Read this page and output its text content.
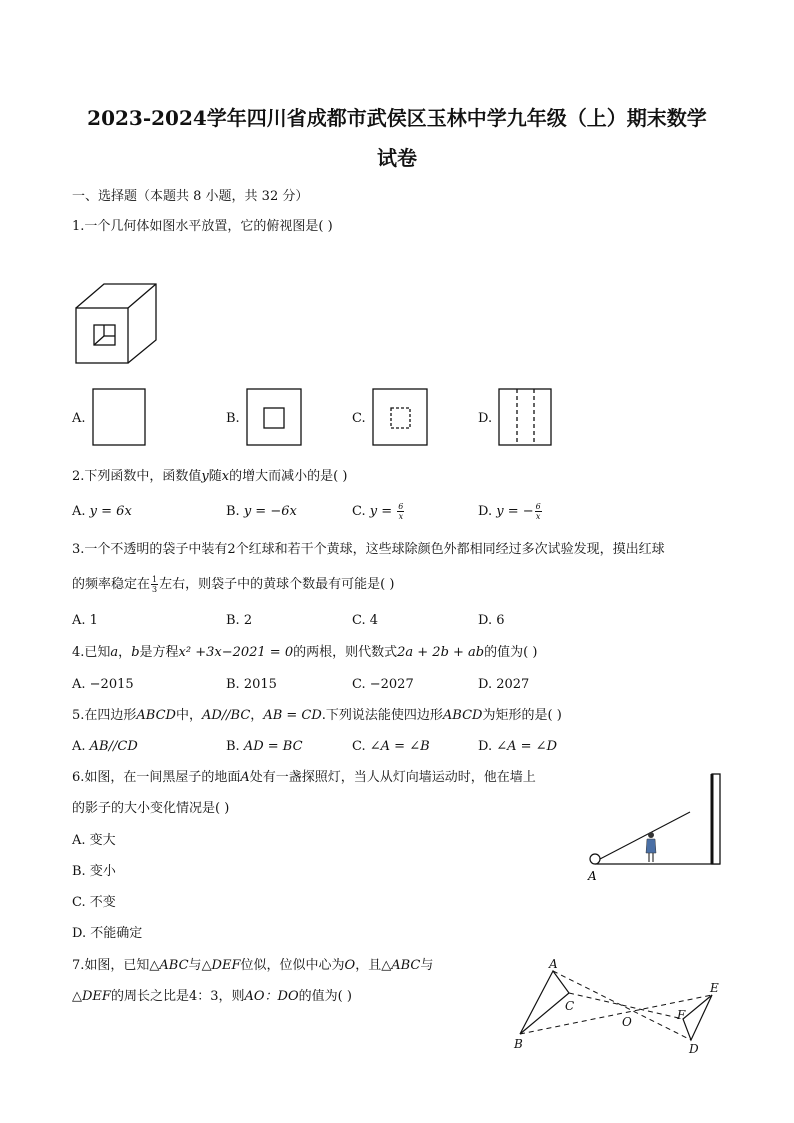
2023-2024学年四川省成都市武侯区玉林中学九年级（上）期末数学
试卷
一、选择题（本题共 8 小题，共 32 分）
1.一个几何体如图水平放置，它的俯视图是( )
A.	B.	C.	D.
2.下列函数中，函数值y随x的增大而减小的是( )
A. y = 6x	B. y = −6x	C. $y = \frac{6}{x}$	D. y = − $\frac{6}{x}$
3.一个不透明的袋子中装有2个红球和若干个黄球，这些球除颜色外都相同经过多次试验发现，摸出红球
的频率稳定在 $\frac{1}{3}$ 左右，则袋子中的黄球个数最有可能是( )
A. 1	B. 2	C. 4	D. 6
4.已知a，b是方程x² +3x−2021 = 0的两根，则代数式2a + 2b + ab的值为( )
A. −2015	B. 2015	C. −2027	D. 2027
5.在四边形ABCD中，AD//BC，AB = CD.下列说法能使四边形ABCD为矩形的是( )
A. AB//CD	B. AD = BC	C. ∠A = ∠B	D. ∠A = ∠D
6.如图，在一间黑屋子的地面A处有一盏探照灯，当人从灯向墙运动时，他在墙上
的影子的大小变化情况是( )
A. 变大
B. 变小
C. 不变
D. 不能确定
A
7.如图，已知△ABC与△DEF位似，位似中心为O，且△ABC与
△DEF的周长之比是4：3，则AO：DO的值为( )
A
B
C
O
E
F
D
